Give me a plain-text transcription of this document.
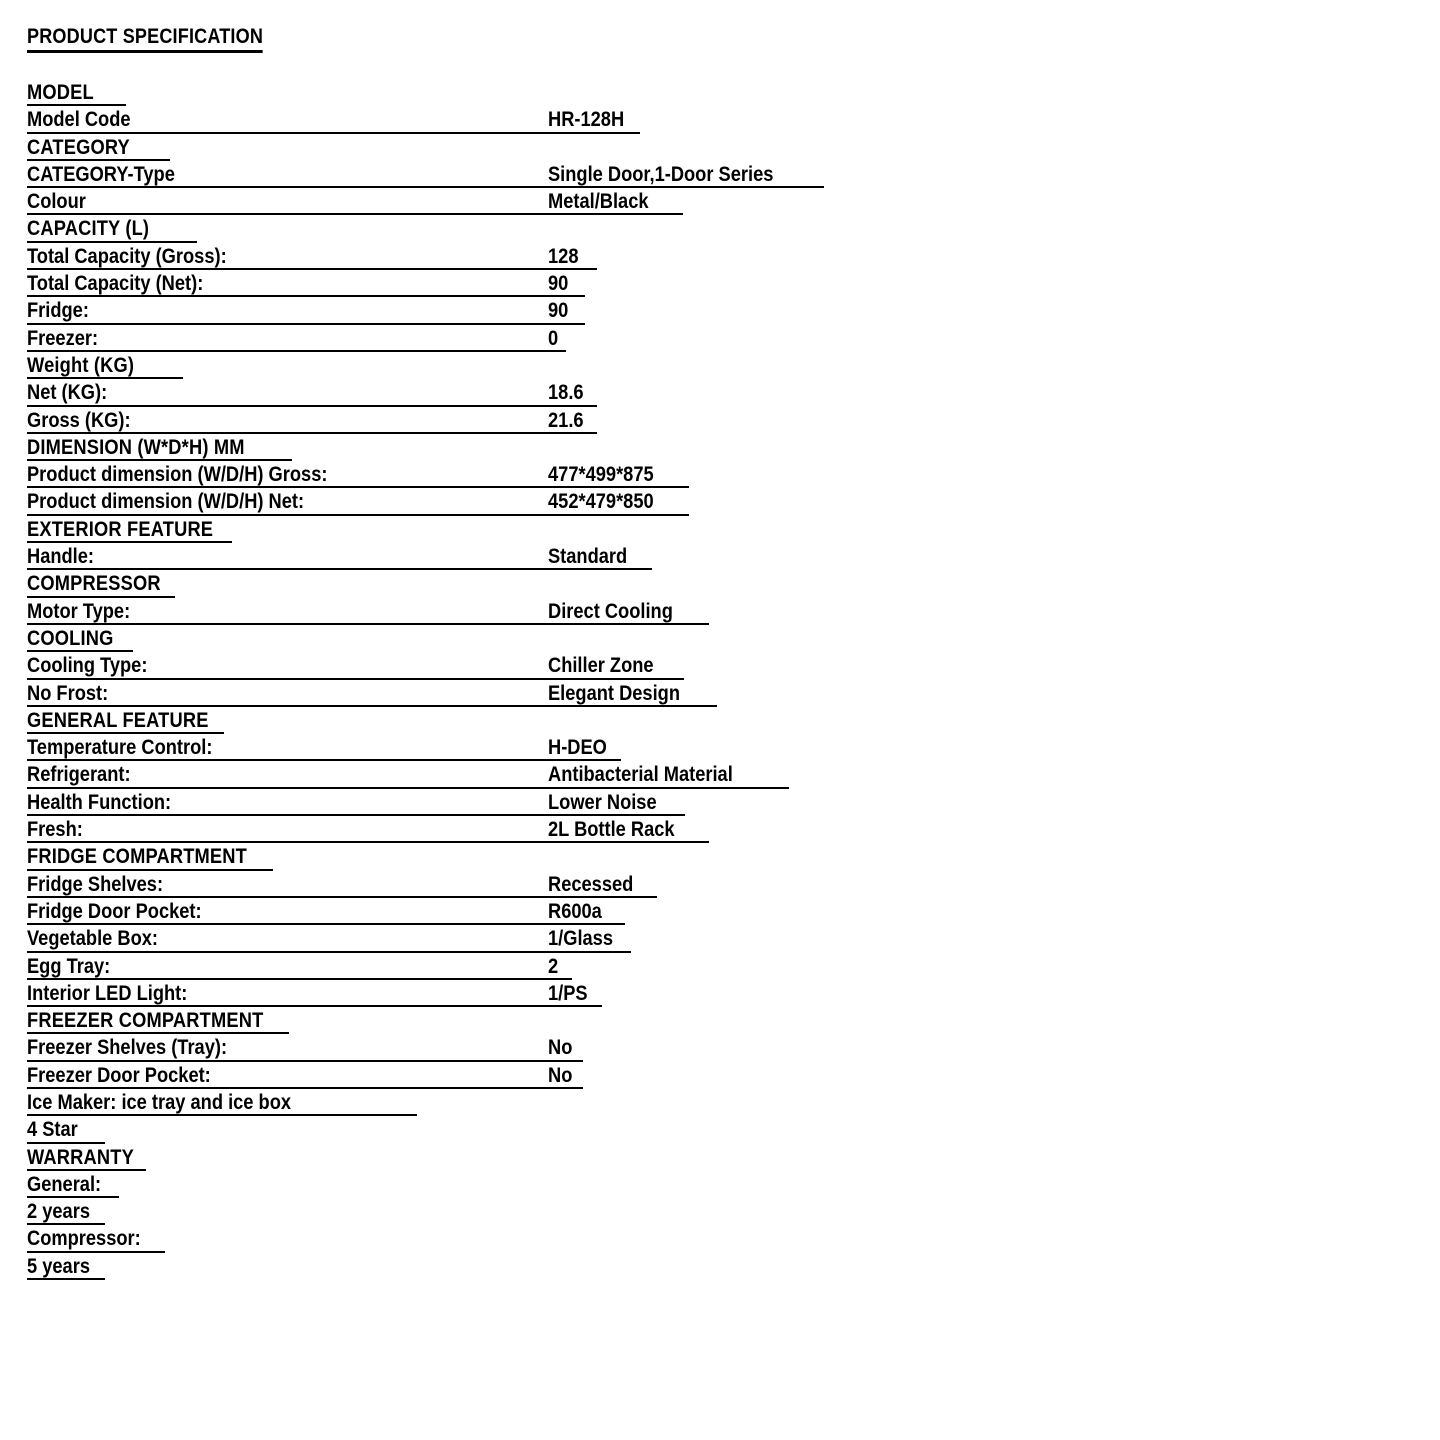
PRODUCT SPECIFICATION
MODEL
Model Code	HR-128H
CATEGORY
CATEGORY-Type	Single Door,1-Door Series
Colour	Metal/Black
CAPACITY (L)
Total Capacity (Gross):	128
Total Capacity (Net):	90
Fridge:	90
Freezer:	0
Weight (KG)
Net (KG):	18.6
Gross (KG):	21.6
DIMENSION (W*D*H) MM
Product dimension (W/D/H) Gross:	477*499*875
Product dimension (W/D/H) Net:	452*479*850
EXTERIOR FEATURE
Handle:	Standard
COMPRESSOR
Motor Type:	Direct Cooling
COOLING
Cooling Type:	Chiller Zone
No Frost:	Elegant Design
GENERAL FEATURE
Temperature Control:	H-DEO
Refrigerant:	Antibacterial Material
Health Function:	Lower Noise
Fresh:	2L Bottle Rack
FRIDGE COMPARTMENT
Fridge Shelves:	Recessed
Fridge Door Pocket:	R600a
Vegetable Box:	1/Glass
Egg Tray:	2
Interior LED Light:	1/PS
FREEZER COMPARTMENT
Freezer Shelves (Tray):	No
Freezer Door Pocket:	No
Ice Maker: ice tray and ice box
4 Star
WARRANTY
General:
2 years
Compressor:
5 years
